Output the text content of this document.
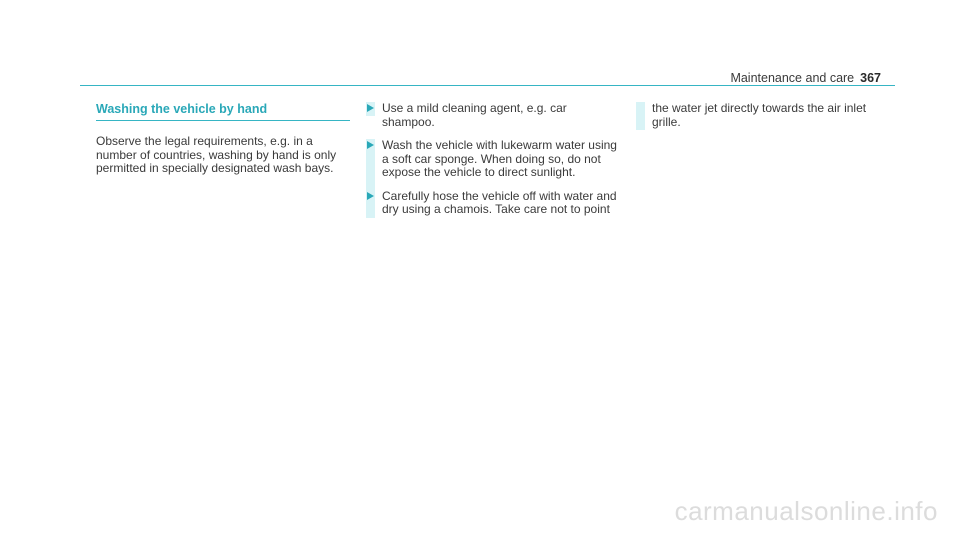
Maintenance and care 367
Washing the vehicle by hand

Observe the legal requirements, e.g. in a number of countries, washing by hand is only permitted in specially designated wash bays.

Use a mild cleaning agent, e.g. car shampoo.
Wash the vehicle with lukewarm water using a soft car sponge. When doing so, do not expose the vehicle to direct sunlight.
Carefully hose the vehicle off with water and dry using a chamois. Take care not to point
the water jet directly towards the air inlet grille.
carmanualsonline.info
